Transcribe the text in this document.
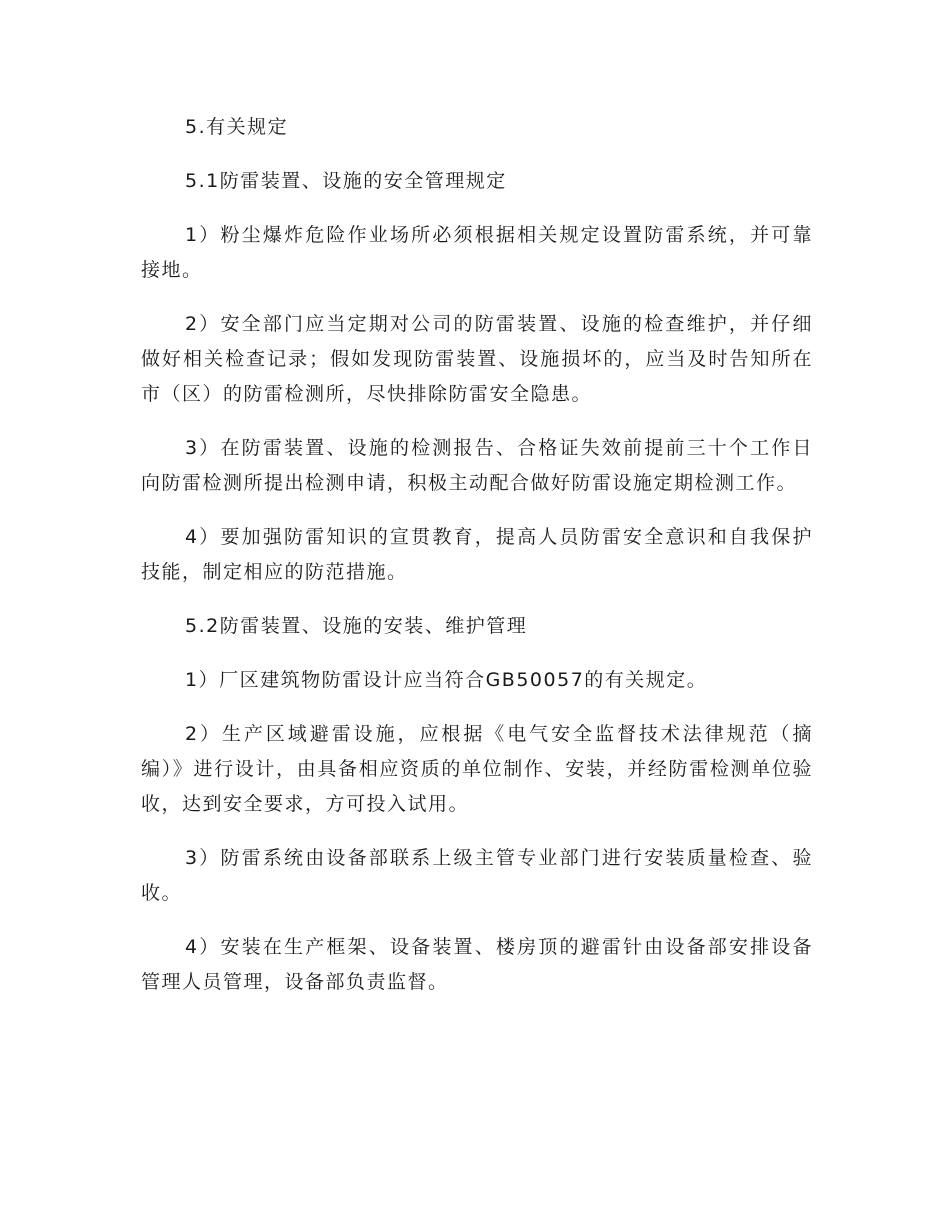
5.有关规定

5.1防雷装置、设施的安全管理规定

1）粉尘爆炸危险作业场所必须根据相关规定设置防雷系统，并可靠接地。

2）安全部门应当定期对公司的防雷装置、设施的检查维护，并仔细做好相关检查记录；假如发现防雷装置、设施损坏的，应当及时告知所在市（区）的防雷检测所，尽快排除防雷安全隐患。

3）在防雷装置、设施的检测报告、合格证失效前提前三十个工作日向防雷检测所提出检测申请，积极主动配合做好防雷设施定期检测工作。

4）要加强防雷知识的宣贯教育，提高人员防雷安全意识和自我保护技能，制定相应的防范措施。

5.2防雷装置、设施的安装、维护管理

1）厂区建筑物防雷设计应当符合GB50057的有关规定。

2）生产区域避雷设施，应根据《电气安全监督技术法律规范（摘编）》进行设计，由具备相应资质的单位制作、安装，并经防雷检测单位验收，达到安全要求，方可投入试用。

3）防雷系统由设备部联系上级主管专业部门进行安装质量检查、验收。

4）安装在生产框架、设备装置、楼房顶的避雷针由设备部安排设备管理人员管理，设备部负责监督。
